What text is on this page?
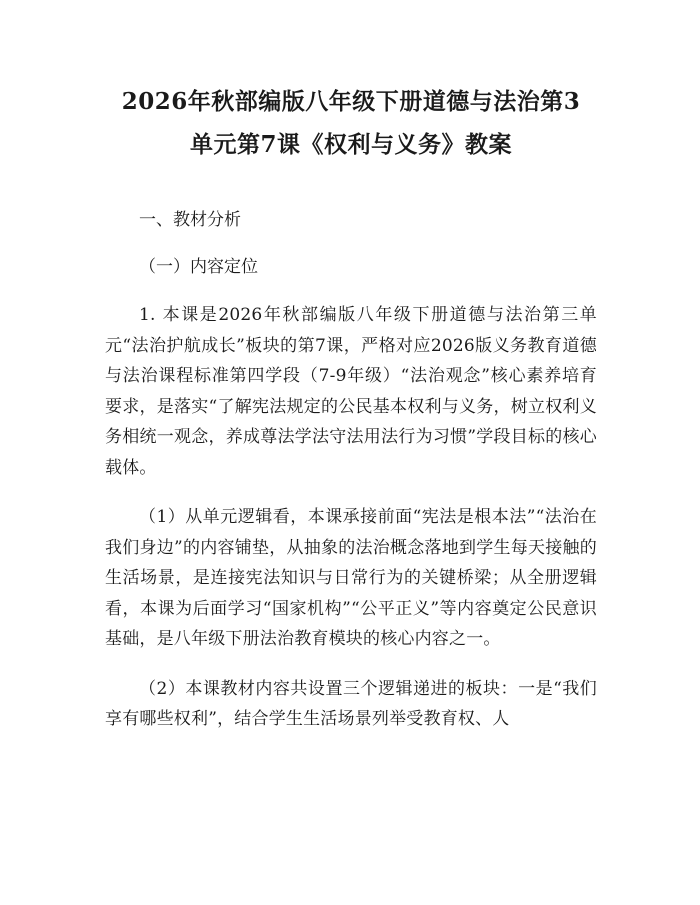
2026年秋部编版八年级下册道德与法治第3
单元第7课《权利与义务》教案

一、教材分析

（一）内容定位

1. 本课是2026年秋部编版八年级下册道德与法治第三单元“法治护航成长”板块的第7课，严格对应2026版义务教育道德与法治课程标准第四学段（7-9年级）“法治观念”核心素养培育要求，是落实“了解宪法规定的公民基本权利与义务，树立权利义务相统一观念，养成尊法学法守法用法行为习惯”学段目标的核心载体。

（1）从单元逻辑看，本课承接前面“宪法是根本法”“法治在我们身边”的内容铺垫，从抽象的法治概念落地到学生每天接触的生活场景，是连接宪法知识与日常行为的关键桥梁；从全册逻辑看，本课为后面学习“国家机构”“公平正义”等内容奠定公民意识基础，是八年级下册法治教育模块的核心内容之一。

（2）本课教材内容共设置三个逻辑递进的板块：一是“我们享有哪些权利”，结合学生生活场景列举受教育权、人
